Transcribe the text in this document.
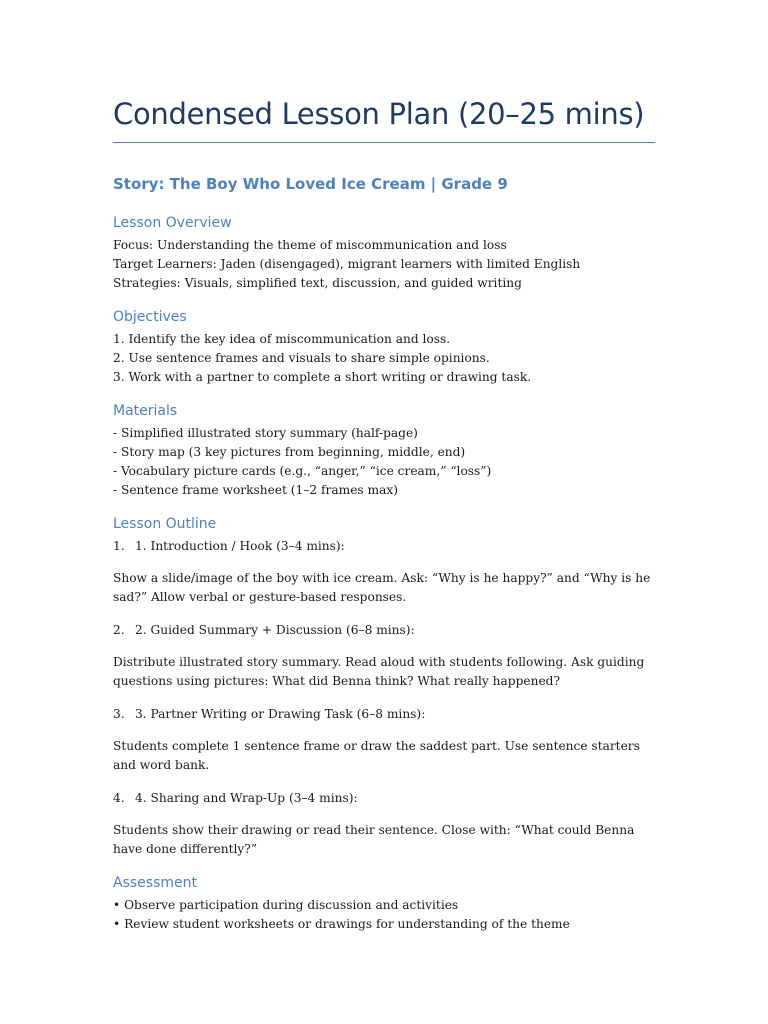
Condensed Lesson Plan (20–25 mins)
Story: The Boy Who Loved Ice Cream | Grade 9
Lesson Overview

Focus: Understanding the theme of miscommunication and loss

Target Learners: Jaden (disengaged), migrant learners with limited English

Strategies: Visuals, simplified text, discussion, and guided writing

Objectives

1. Identify the key idea of miscommunication and loss.

2. Use sentence frames and visuals to share simple opinions.

3. Work with a partner to complete a short writing or drawing task.

Materials

- Simplified illustrated story summary (half-page)

- Story map (3 key pictures from beginning, middle, end)

- Vocabulary picture cards (e.g., “anger,” “ice cream,” “loss”)

- Sentence frame worksheet (1–2 frames max)

Lesson Outline

1. 1. Introduction / Hook (3–4 mins):

Show a slide/image of the boy with ice cream. Ask: “Why is he happy?” and “Why is he sad?” Allow verbal or gesture-based responses.

2. 2. Guided Summary + Discussion (6–8 mins):

Distribute illustrated story summary. Read aloud with students following. Ask guiding questions using pictures: What did Benna think? What really happened?

3. 3. Partner Writing or Drawing Task (6–8 mins):

Students complete 1 sentence frame or draw the saddest part. Use sentence starters and word bank.

4. 4. Sharing and Wrap-Up (3–4 mins):

Students show their drawing or read their sentence. Close with: “What could Benna have done differently?”

Assessment

• Observe participation during discussion and activities

• Review student worksheets or drawings for understanding of the theme
